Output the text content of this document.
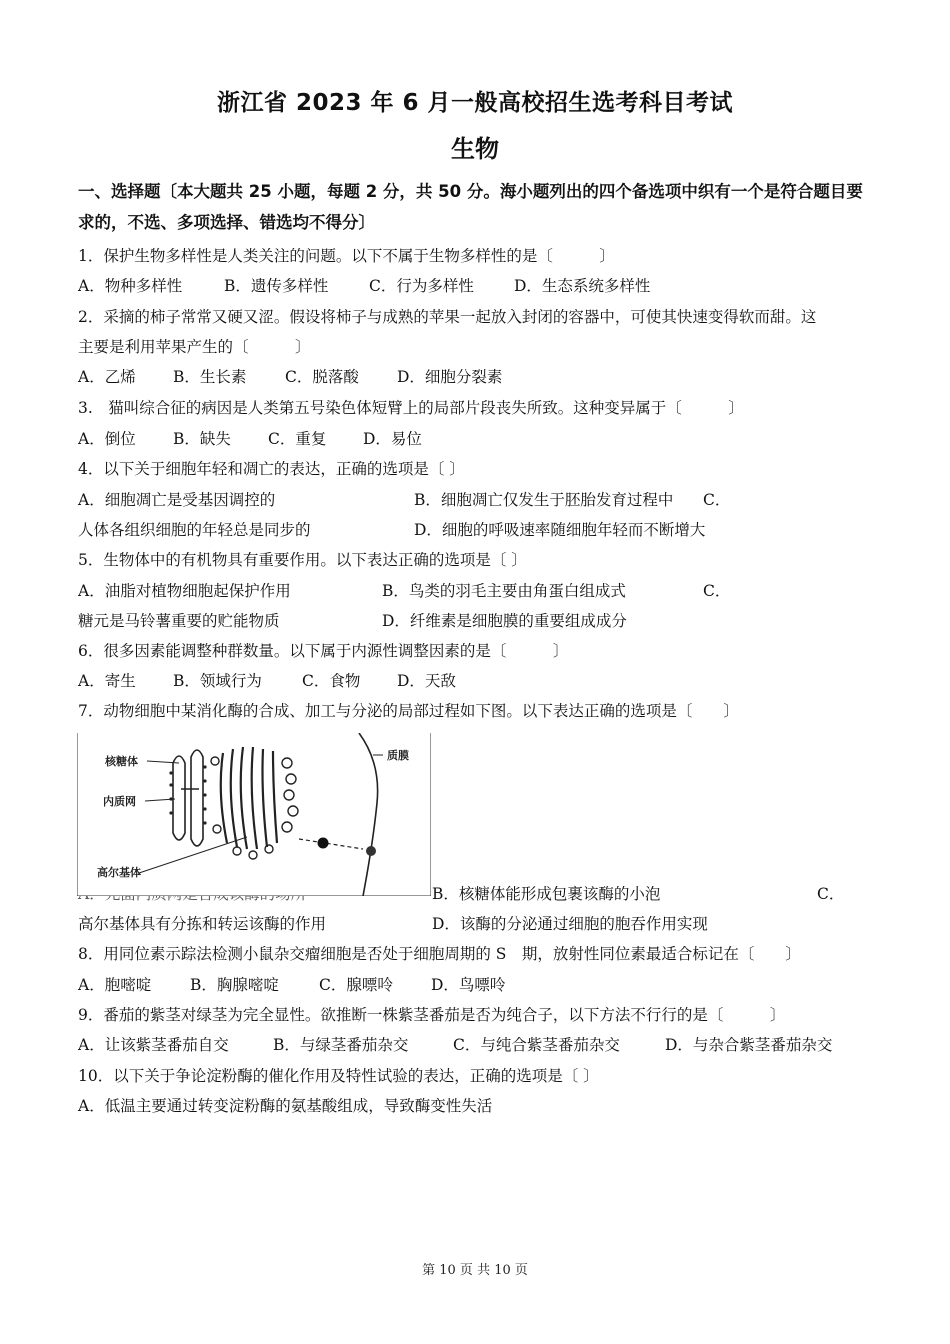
浙江省 2023 年 6 月一般高校招生选考科目考试
生物
一、选择题〔本大题共 25 小题，每题 2 分，共 50 分。海小题列出的四个备选项中织有一个是符合题目要求的，不选、多项选择、错选均不得分〕
1．保护生物多样性是人类关注的问题。以下不属于生物多样性的是〔　　　〕
A．物种多样性	B．遗传多样性	C．行为多样性	D．生态系统多样性
2．采摘的柿子常常又硬又涩。假设将柿子与成熟的苹果一起放入封闭的容器中，可使其快速变得软而甜。这
主要是利用苹果产生的〔　　　〕
A．乙烯 B．生长素 C．脱落酸 D．细胞分裂素
3.　猫叫综合征的病因是人类第五号染色体短臂上的局部片段丧失所致。这种变异属于〔　　　〕
A．倒位 B．缺失 C．重复 D．易位
4．以下关于细胞年轻和凋亡的表达，正确的选项是〔 〕
A．细胞凋亡是受基因调控的	B．细胞凋亡仅发生于胚胎发育过程中 C．
人体各组织细胞的年轻总是同步的	D．细胞的呼吸速率随细胞年轻而不断增大
5．生物体中的有机物具有重要作用。以下表达正确的选项是〔 〕
A．油脂对植物细胞起保护作用	B．鸟类的羽毛主要由角蛋白组成式	C．
糖元是马铃薯重要的贮能物质	D．纤维素是细胞膜的重要组成成分
6．很多因素能调整种群数量。以下属于内源性调整因素的是〔　　　〕
A．寄生 B．领域行为	C．食物 D．天敌
7．动物细胞中某消化酶的合成、加工与分泌的局部过程如下图。以下表达正确的选项是〔　　〕
核糖体
内质网
高尔基体
质膜
B．核糖体能形成包裹该酶的小泡	C．
高尔基体具有分拣和转运该酶的作用	D．该酶的分泌通过细胞的胞吞作用实现
8．用同位素示踪法检测小鼠杂交瘤细胞是否处于细胞周期的 S　期，放射性同位素最适合标记在〔　　〕
A．胞嘧啶	B．胸腺嘧啶	C．腺嘌呤 D．鸟嘌呤
9．番茄的紫茎对绿茎为完全显性。欲推断一株紫茎番茄是否为纯合子，以下方法不行行的是〔　　　〕
A．让该紫茎番茄自交	B．与绿茎番茄杂交	C．与纯合紫茎番茄杂交	D．与杂合紫茎番茄杂交
10．以下关于争论淀粉酶的催化作用及特性试验的表达，正确的选项是〔 〕
A．低温主要通过转变淀粉酶的氨基酸组成，导致酶变性失活
第 10 页 共 10 页
